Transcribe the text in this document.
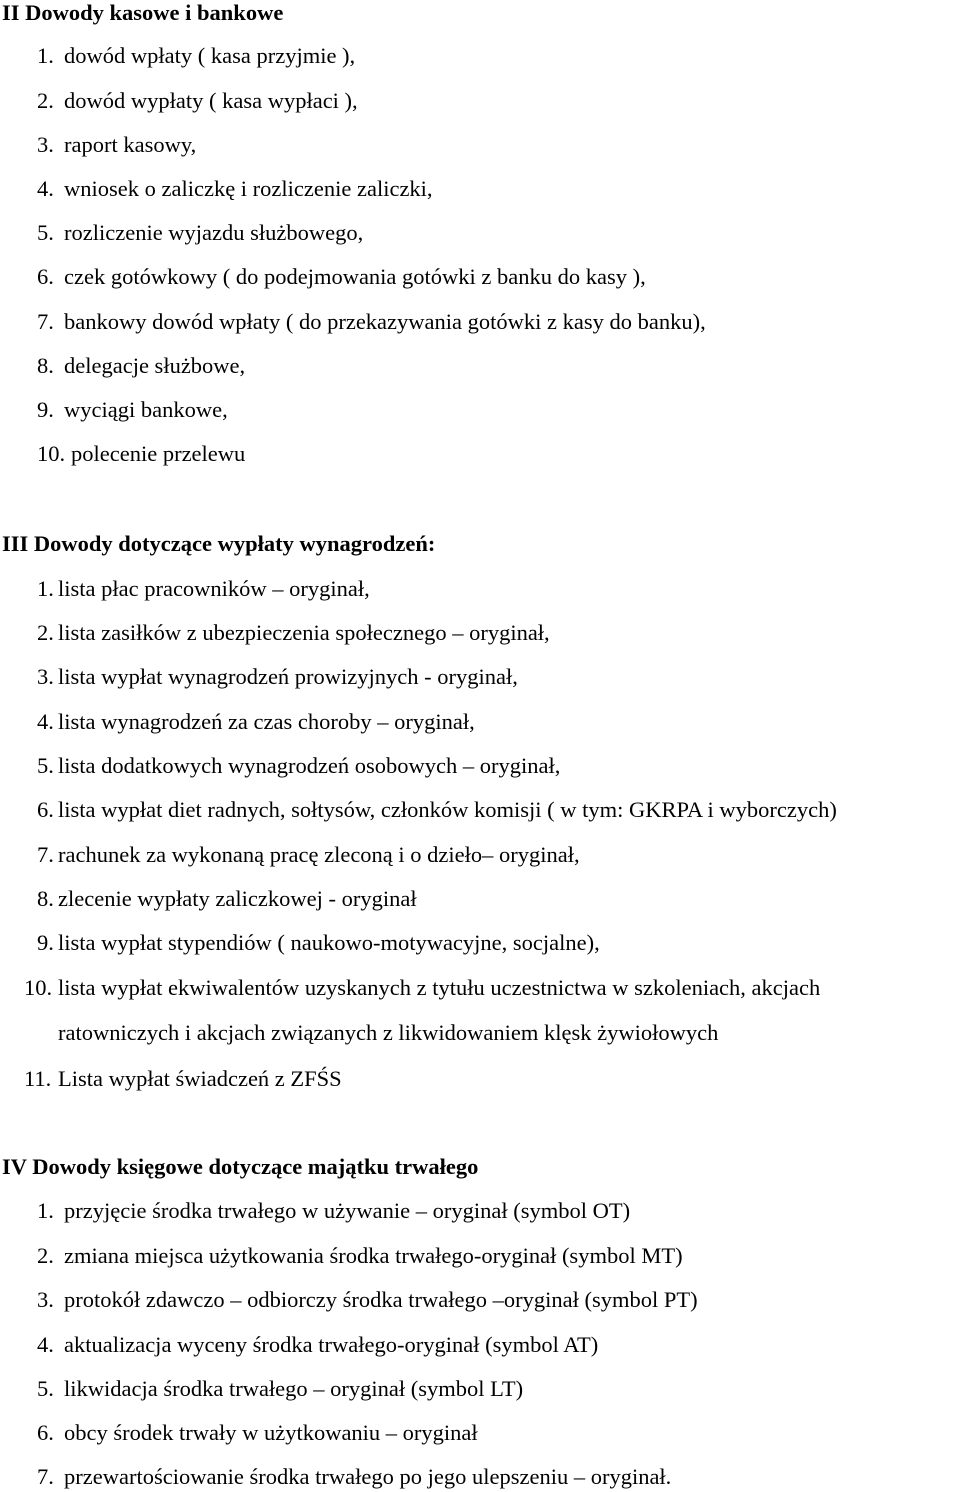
II Dowody kasowe i bankowe
1. dowód wpłaty ( kasa przyjmie ),
2. dowód wypłaty ( kasa wypłaci ),
3. raport kasowy,
4. wniosek o zaliczkę i rozliczenie zaliczki,
5. rozliczenie wyjazdu służbowego,
6. czek gotówkowy ( do podejmowania gotówki z banku do kasy ),
7. bankowy dowód wpłaty ( do przekazywania gotówki z kasy do banku),
8. delegacje służbowe,
9. wyciągi bankowe,
10. polecenie przelewu
III Dowody dotyczące wypłaty wynagrodzeń:
1. lista płac pracowników – oryginał,
2. lista zasiłków z ubezpieczenia społecznego – oryginał,
3. lista wypłat wynagrodzeń prowizyjnych - oryginał,
4. lista wynagrodzeń za czas choroby – oryginał,
5. lista dodatkowych wynagrodzeń osobowych – oryginał,
6. lista wypłat diet radnych, sołtysów, członków komisji ( w tym: GKRPA i wyborczych)
7. rachunek za wykonaną pracę zleconą i o dzieło– oryginał,
8. zlecenie wypłaty zaliczkowej - oryginał
9. lista wypłat stypendiów ( naukowo-motywacyjne, socjalne),
10. lista wypłat ekwiwalentów uzyskanych z tytułu uczestnictwa w szkoleniach, akcjach
ratowniczych i akcjach związanych z likwidowaniem klęsk żywiołowych
11. Lista wypłat świadczeń z ZFŚS
IV Dowody księgowe dotyczące majątku trwałego
1. przyjęcie środka trwałego w używanie – oryginał (symbol OT)
2. zmiana miejsca użytkowania środka trwałego-oryginał (symbol MT)
3. protokół zdawczo – odbiorczy środka trwałego –oryginał (symbol PT)
4. aktualizacja wyceny środka trwałego-oryginał (symbol AT)
5. likwidacja środka trwałego – oryginał (symbol LT)
6. obcy środek trwały w użytkowaniu – oryginał
7. przewartościowanie środka trwałego po jego ulepszeniu – oryginał.
